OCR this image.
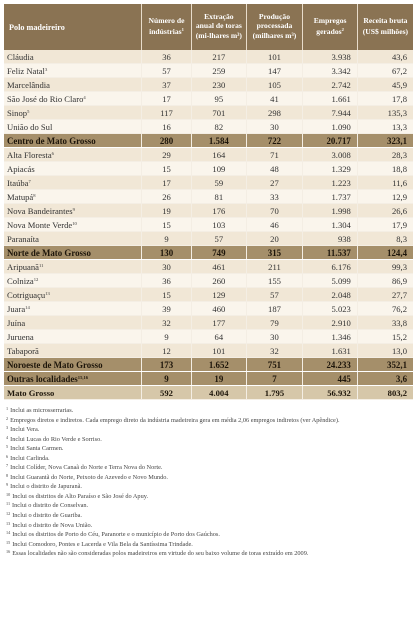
Polo madeireiro	Número de indústrias$^1$	Extração anual de toras (mi-lhares m³)	Produção processada (milhares m³)	Empregos gerados$^2$	Receita bruta (US$ milhões)
Cláudia	36	217	101	3.938	43,6
Feliz Natal$^3$	57	259	147	3.342	67,2
Marcelândia	37	230	105	2.742	45,9
São José do Rio Claro$^4$	17	95	41	1.661	17,8
Sinop$^5$	117	701	298	7.944	135,3
União do Sul	16	82	30	1.090	13,3
Centro de Mato Grosso	280	1.584	722	20.717	323,1
Alta Floresta$^6$	29	164	71	3.008	28,3
Apiacás	15	109	48	1.329	18,8
Itaúba$^7$	17	59	27	1.223	11,6
Matupá$^8$	26	81	33	1.737	12,9
Nova Bandeirantes$^9$	19	176	70	1.998	26,6
Nova Monte Verde$^{10}$	15	103	46	1.304	17,9
Paranaíta	9	57	20	938	8,3
Norte de Mato Grosso	130	749	315	11.537	124,4
Aripuanã$^{11}$	30	461	211	6.176	99,3
Colniza$^{12}$	36	260	155	5.099	86,9
Cotriguaçu$^{13}$	15	129	57	2.048	27,7
Juara$^{14}$	39	460	187	5.023	76,2
Juína	32	177	79	2.910	33,8
Juruena	9	64	30	1.346	15,2
Tabaporã	12	101	32	1.631	13,0
Noroeste de Mato Grosso	173	1.652	751	24.233	352,1
Outras localidades$^{15,16}$	9	19	7	445	3,6
Mato Grosso	592	4.004	1.795	56.932	803,2
$^1$ Inclui as microsserrarias.
$^2$ Empregos diretos e indiretos. Cada emprego direto da indústria madeireira gera em média 2,06 empregos indiretos (ver Apêndice).
$^3$ Inclui Vera.
$^4$ Inclui Lucas do Rio Verde e Sorriso.
$^5$ Inclui Santa Carmen.
$^6$ Inclui Carlinda.
$^7$ Inclui Colíder, Nova Canaã do Norte e Terra Nova do Norte.
$^8$ Inclui Guarantã do Norte, Peixoto de Azevedo e Novo Mundo.
$^9$ Inclui o distrito de Japuranã.
$^{10}$ Inclui os distritos de Alto Paraíso e São José do Apuy.
$^{11}$ Inclui o distrito de Conselvan.
$^{12}$ Inclui o distrito de Guariba.
$^{13}$ Inclui o distrito de Nova União.
$^{14}$ Inclui os distritos de Porto do Céu, Paranorte e o município de Porto dos Gaúchos.
$^{15}$ Inclui Comodoro, Pontes e Lacerda e Vila Bela da Santíssima Trindade.
$^{16}$ Essas localidades não são consideradas polos madeireiros em virtude do seu baixo volume de toras extraído em 2009.
